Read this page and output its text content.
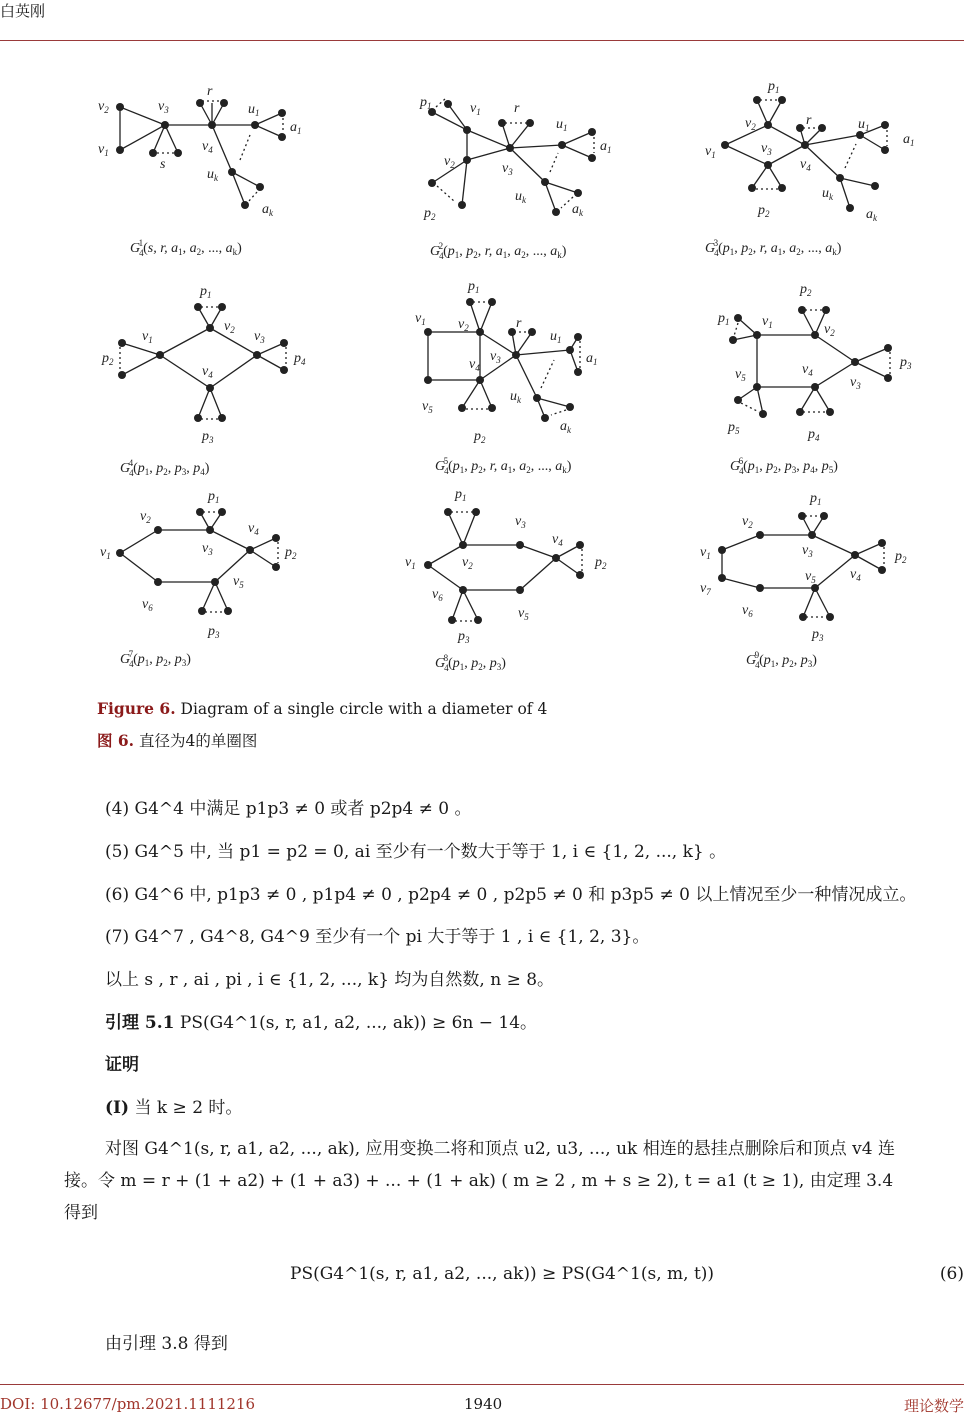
白英刚
$v_2$
$v_1$
$v_3$
s
r
$v_4$
$u_1$
$a_1$
$u_k$
$a_k$
G41(s, r, $a_1$, $a_2$, ..., $a_k$)
$p_1$	$v_1$ r
$v_2$	$v_3$
$u_1$
$a_1$
$u_k$
$a_k$
$p_2$
$G42(p_1$, $p_2$, r, $a_1$, $a_2$, ..., $a_k$)
$p_1$
$v_2$	r
$v_1$	$v_3$
$v_4$
$u_1$
$a_1$
$u_k$
$a_k$
$p_2$
$G43(p_1$, $p_2$, r, $a_1$, $a_2$, ..., $a_k$)
$p_1$
$v_1$
$v_2$ $v_3$
$p_2$	$p_4$
$v_4$
$p_3$
$G44(p_1$, $p_2$, $p_3$, $p_4$)
$p_1$
$v_1$ $v_2$	r
$u_1$
$a_1$
$v_3$
$v_4$
$u_k$
$a_k$
$v_5$
$p_2$
$G45(p_1$, $p_2$, r, $a_1$, $a_2$, ..., $a_k$)
$p_2$
$p_1$ $v_1$	$v_2$
$p_3$
$v_5$
$v_4$
$v_3$
$p_5$	$p_4$
$G46(p_1$, $p_2$, $p_3$, $p_4$, $p_5$)
$p_1$
$v_2$
$v_4$
$v_1$	$v_3$	$p_2$
$v_5$
$v_6$
$p_3$
$G47(p_1$, $p_2$, $p_3$)
$p_1$
$v_3$
$v_4$
$v_1$	$v_2$	$p_2$
$v_6$
$v_5$
$p_3$
$G48(p_1$, $p_2$, $p_3$)
$p_1$
$v_2$
$v_1$	$v_3$	$p_2$
$v_4$
$v_5$
$v_7$
$v_6$
$p_3$
$G49(p_1$, $p_2$, $p_3$)
Figure 6. Diagram of a single circle with a diameter of 4
图 6. 直径为4的单圈图
(4) G4^4 中满足 p1p3 ≠ 0 或者 p2p4 ≠ 0 。
(5) G4^5 中, 当 p1 = p2 = 0, ai 至少有一个数大于等于 1, i ∈ {1, 2, ..., k} 。
(6) G4^6 中, p1p3 ≠ 0 , p1p4 ≠ 0 , p2p4 ≠ 0 , p2p5 ≠ 0 和 p3p5 ≠ 0 以上情况至少一种情况成立。
(7) G4^7 , G4^8, G4^9 至少有一个 pi 大于等于 1 , i ∈ {1, 2, 3}。
以上 s , r , ai , pi , i ∈ {1, 2, ..., k} 均为自然数, n ≥ 8。
引理 5.1 PS(G4^1(s, r, a1, a2, ..., ak)) ≥ 6n − 14。
证明
(I) 当 k ≥ 2 时。
对图 G4^1(s, r, a1, a2, ..., ak), 应用变换二将和顶点 u2, u3, ..., uk 相连的悬挂点删除后和顶点 v4 连
接。令 m = r + (1 + a2) + (1 + a3) + ... + (1 + ak) ( m ≥ 2 , m + s ≥ 2), t = a1 (t ≥ 1), 由定理 3.4
得到
PS(G4^1(s, r, a1, a2, ..., ak)) ≥ PS(G4^1(s, m, t))	(6)
由引理 3.8 得到
DOI: 10.12677/pm.2021.1111216	1940	理论数学
